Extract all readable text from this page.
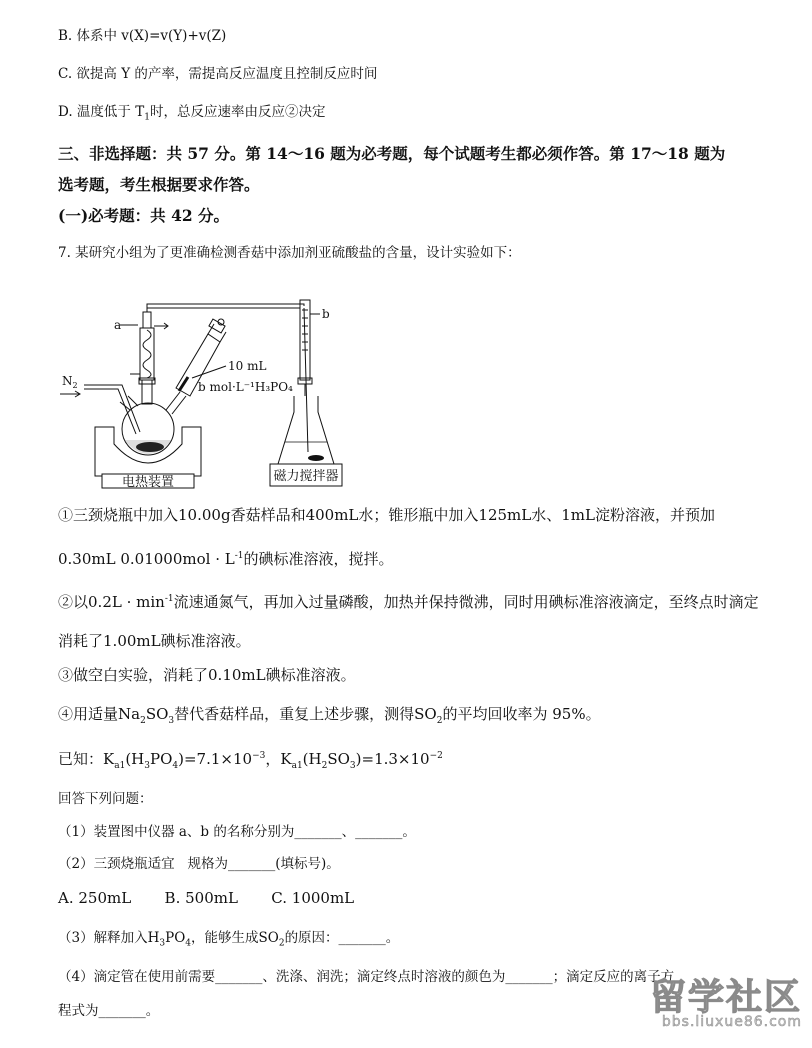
B. 体系中 v(X)=v(Y)+v(Z)
C. 欲提高 Y 的产率，需提高反应温度且控制反应时间
D. 温度低于 $T_1$时，总反应速率由反应②决定
三、非选择题：共 57 分。第 14～16 题为必考题，每个试题考生都必须作答。第 17～18 题为
选考题，考生根据要求作答。
(一)必考题：共 42 分。
7. 某研究小组为了更准确检测香菇中添加剂亚硫酸盐的含量，设计实验如下：
电热装置
$N_2$
a
10 mL
b mol·L⁻¹H₃PO₄
b
磁力搅拌器
①三颈烧瓶中加入10.00g香菇样品和400mL水；锥形瓶中加入125mL水、1mL淀粉溶液，并预加
0.30mL $0.01000mol \cdot L^{-1}$的碘标准溶液，搅拌。
②以$0.2L \cdot \min^{-1}$流速通氮气，再加入过量磷酸，加热并保持微沸，同时用碘标准溶液滴定，至终点时滴定
消耗了1.00mL碘标准溶液。
③做空白实验，消耗了0.10mL碘标准溶液。
④用适量$Na_2SO_3$替代香菇样品，重复上述步骤，测得$SO_2$的平均回收率为 95%。
已知：$K_{a1}(H_3PO_4)=7.1\times 10^{-3}$，$K_{a1}(H_2SO_3)=1.3\times 10^{-2}$
回答下列问题：
（1）装置图中仪器 a、b 的名称分别为_______、_______。
（2）三颈烧瓶适宜   规格为_______(填标号)。
A. 250mL       B. 500mL       C. 1000mL
（3）解释加入$H_3PO_4$，能够生成$SO_2$的原因：_______。
（4）滴定管在使用前需要_______、洗涤、润洗；滴定终点时溶液的颜色为_______；滴定反应的离子方
程式为_______。	留学社区
bbs.liuxue86.com
